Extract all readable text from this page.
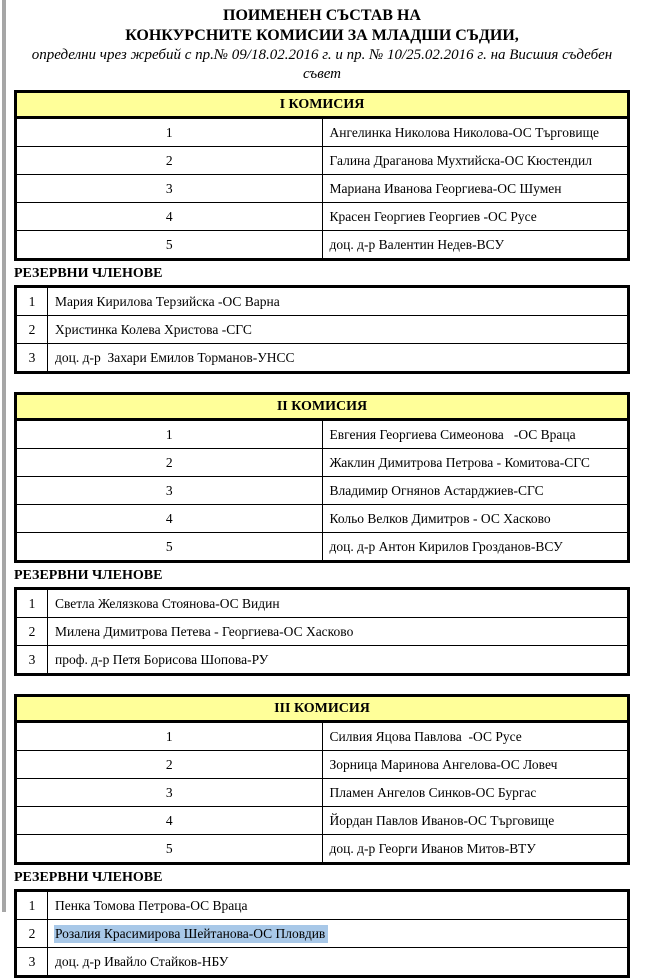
ПОИМЕНЕН СЪСТАВ НА
КОНКУРСНИТЕ КОМИСИИ ЗА МЛАДШИ СЪДИИ,
определни чрез жребий с пр.№ 09/18.02.2016 г. и пр. № 10/25.02.2016 г. на Висшия съдебен
съвет
I КОМИСИЯ	
1	Ангелинка Николова Николова-ОС Търговище
2	Галина Драганова Мухтийска-ОС Кюстендил
3	Мариана Иванова Георгиева-ОС Шумен
4	Красен Георгиев Георгиев -ОС Русе
5	доц. д-р Валентин Недев-ВСУ
РЕЗЕРВНИ ЧЛЕНОВЕ
1	Мария Кирилова Терзийска -ОС Варна
2	Христинка Колева Христова -СГС
3	доц. д-р  Захари Емилов Торманов-УНСС
II КОМИСИЯ	
1	Евгения Георгиева Симеонова   -ОС Враца
2	Жаклин Димитрова Петрова - Комитова-СГС
3	Владимир Огнянов Астарджиев-СГС
4	Кольо Велков Димитров - ОС Хасково
5	доц. д-р Антон Кирилов Грозданов-ВСУ
РЕЗЕРВНИ ЧЛЕНОВЕ
1	Светла Желязкова Стоянова-ОС Видин
2	Милена Димитрова Петева - Георгиева-ОС Хасково
3	проф. д-р Петя Борисова Шопова-РУ
III КОМИСИЯ	
1	Силвия Яцова Павлова  -ОС Русе
2	Зорница Маринова Ангелова-ОС Ловеч
3	Пламен Ангелов Синков-ОС Бургас
4	Йордан Павлов Иванов-ОС Търговище
5	доц. д-р Георги Иванов Митов-ВТУ
РЕЗЕРВНИ ЧЛЕНОВЕ
1	Пенка Томова Петрова-ОС Враца
2	Розалия Красимирова Шейтанова-ОС Пловдив
3	доц. д-р Ивайло Стайков-НБУ
